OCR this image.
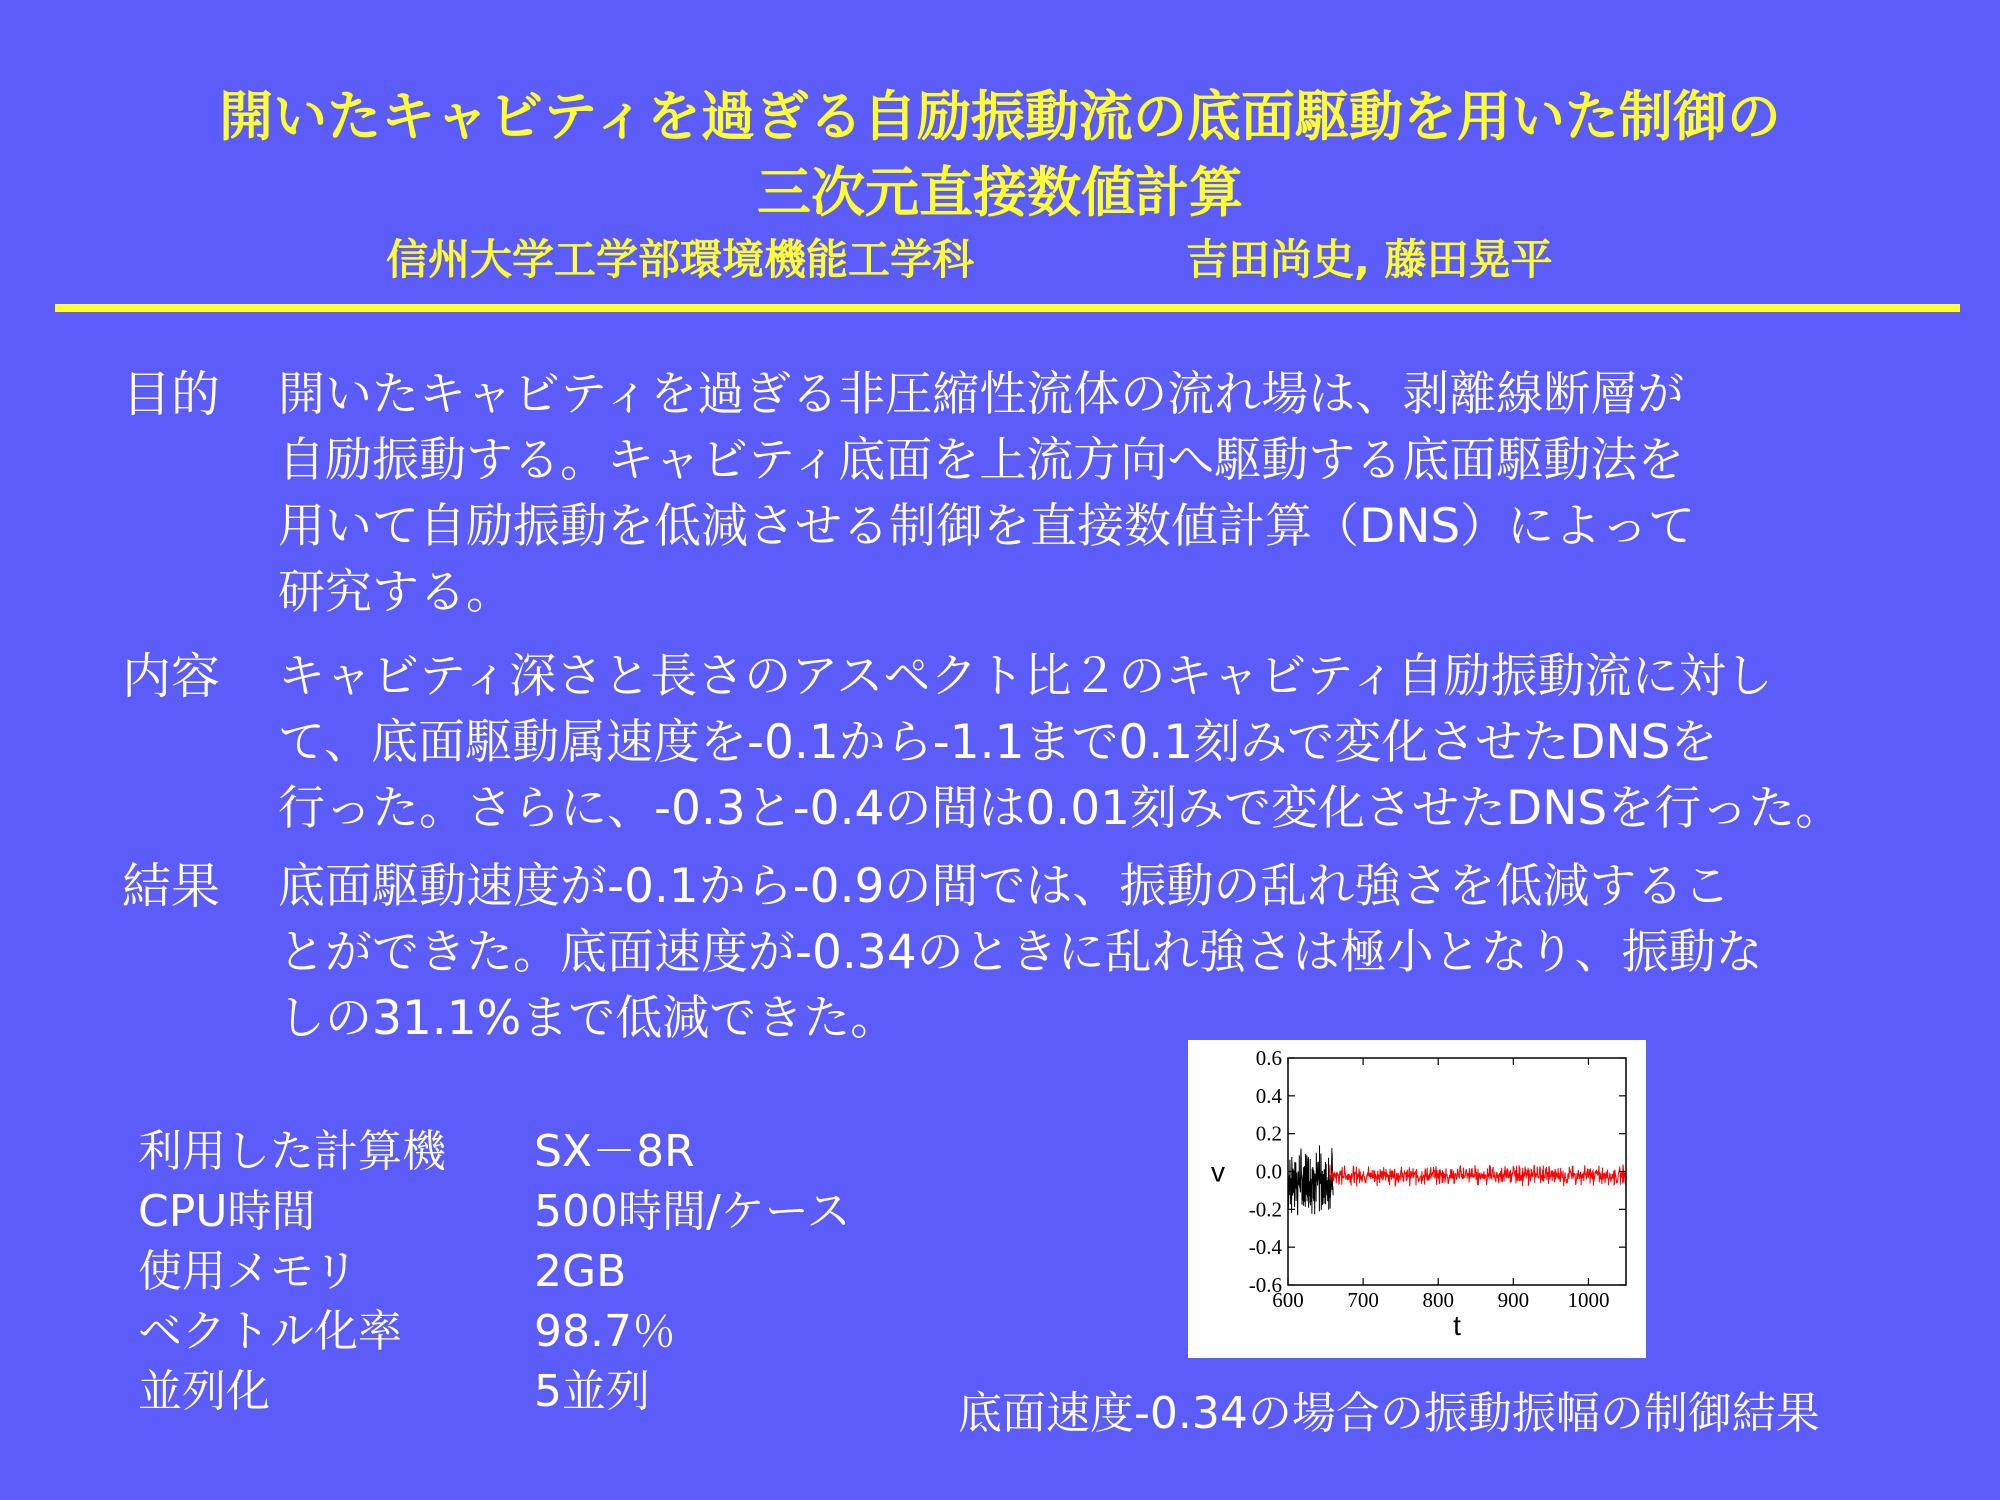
開いたキャビティを過ぎる自励振動流の底面駆動を用いた制御の
三次元直接数値計算
信州大学工学部環境機能工学科	吉田尚史, 藤田晃平
目的 開いたキャビティを過ぎる非圧縮性流体の流れ場は、剥離線断層が
自励振動する。キャビティ底面を上流方向へ駆動する底面駆動法を
用いて自励振動を低減させる制御を直接数値計算（DNS）によって
研究する。
内容 キャビティ深さと長さのアスペクト比２のキャビティ自励振動流に対し
て、底面駆動属速度を-0.1から-1.1まで0.1刻みで変化させたDNSを
行った。さらに、-0.3と-0.4の間は0.01刻みで変化させたDNSを行った。
結果 底面駆動速度が-0.1から-0.9の間では、振動の乱れ強さを低減するこ
とができた。底面速度が-0.34のときに乱れ強さは極小となり、振動な
しの31.1%まで低減できた。
利用した計算機	SX－8R
CPU時間	500時間/ケース
使用メモリ	2GB
ベクトル化率	98.7％
並列化	5並列
0.6
0.4
0.2
0.0
-0.2
-0.4
-0.6
600 700 800 900 1000
t
v
底面速度-0.34の場合の振動振幅の制御結果
